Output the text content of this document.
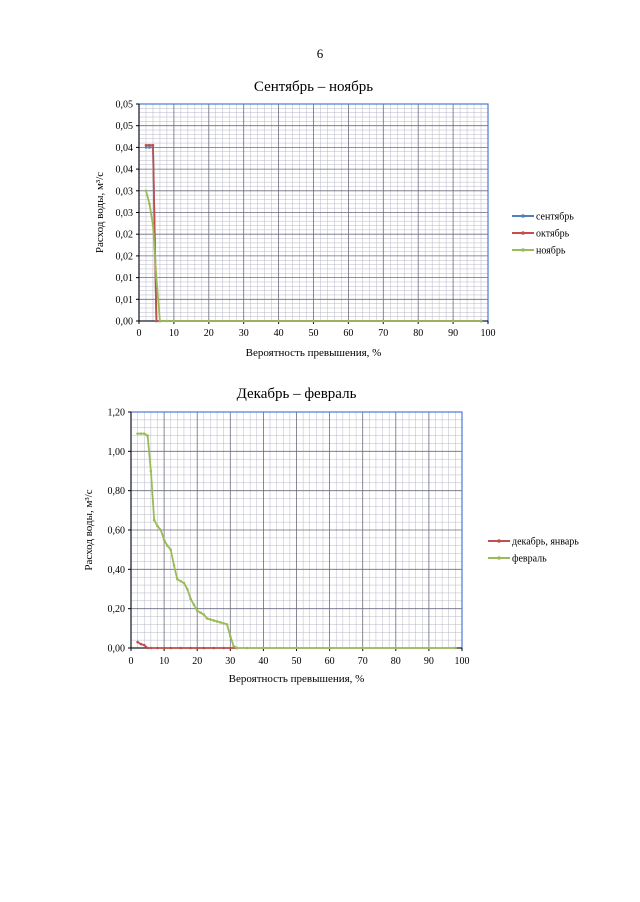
6
Сентябрь – ноябрь
0	10 20 30 40 50 60 70 80 90 100
0,00
0,01
0,01
0,02
0,02
0,03
0,03
0,04
0,04
0,05
0,05
Вероятность превышения, %
Расход воды, м³/с	сентябрь
октябрь
ноябрь
Декабрь – февраль
0	10 20 30 40 50 60 70 80 90 100
0,00
0,20
0,40
0,60
0,80
1,00
1,20
Вероятность превышения, %
Расход воды, м³/с	декабрь, январь
февраль
